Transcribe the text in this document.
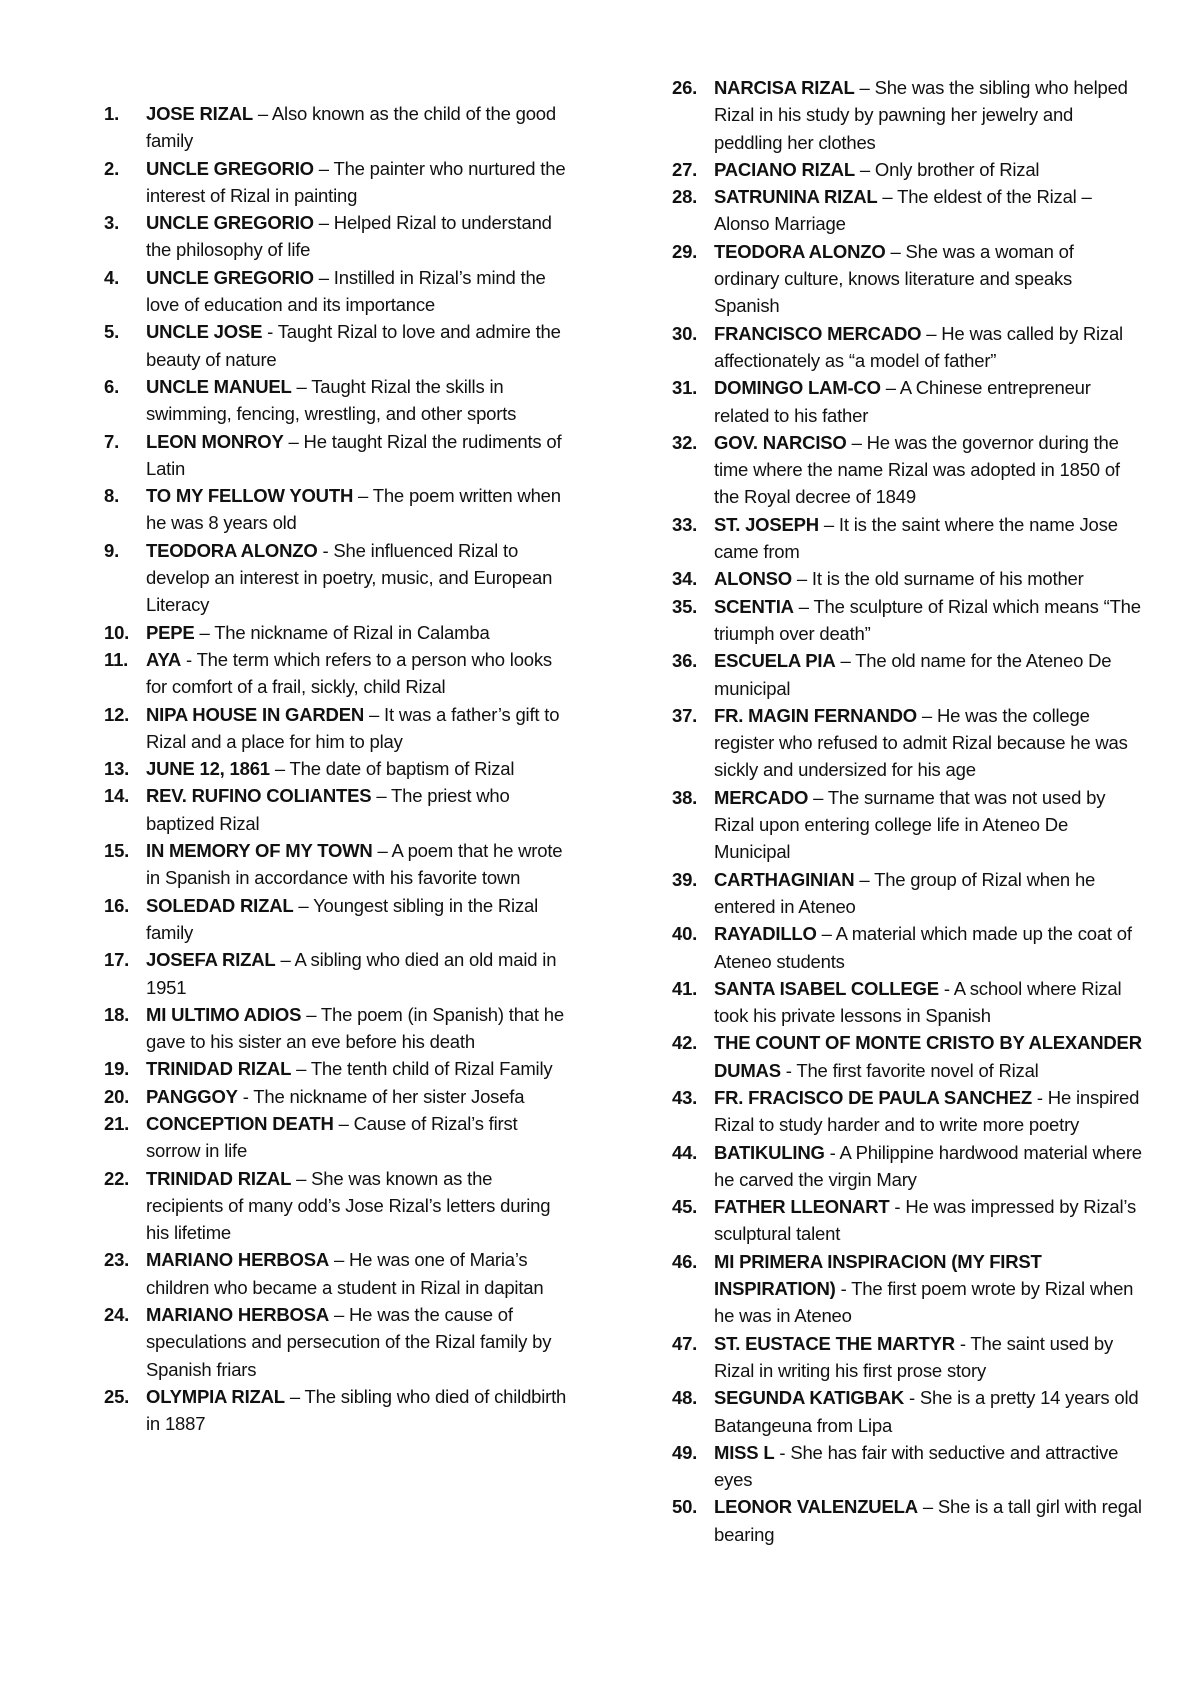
1.	JOSE RIZAL – Also known as the child of the good family
2.	UNCLE GREGORIO – The painter who nurtured the interest of Rizal in painting
3.	UNCLE GREGORIO – Helped Rizal to understand the philosophy of life
4.	UNCLE GREGORIO – Instilled in Rizal’s mind the love of education and its importance
5.	UNCLE JOSE - Taught Rizal to love and admire the beauty of nature
6.	UNCLE MANUEL – Taught Rizal the skills in swimming, fencing, wrestling, and other sports
7.	LEON MONROY – He taught Rizal the rudiments of Latin
8.	TO MY FELLOW YOUTH – The poem written when he was 8 years old
9.	TEODORA ALONZO - She influenced Rizal to develop an interest in poetry, music, and European Literacy
10. PEPE – The nickname of Rizal in Calamba
11. AYA - The term which refers to a person who looks for comfort of a frail, sickly, child Rizal
12. NIPA HOUSE IN GARDEN – It was a father’s gift to Rizal and a place for him to play
13. JUNE 12, 1861 – The date of baptism of Rizal
14. REV. RUFINO COLIANTES – The priest who baptized Rizal
15. IN MEMORY OF MY TOWN – A poem that he wrote in Spanish in accordance with his favorite town
16. SOLEDAD RIZAL – Youngest sibling in the Rizal family
17. JOSEFA RIZAL – A sibling who died an old maid in 1951
18. MI ULTIMO ADIOS – The poem (in Spanish) that he gave to his sister an eve before his death
19. TRINIDAD RIZAL – The tenth child of Rizal Family
20. PANGGOY - The nickname of her sister Josefa
21. CONCEPTION DEATH – Cause of Rizal’s first sorrow in life
22. TRINIDAD RIZAL – She was known as the recipients of many odd’s Jose Rizal’s letters during his lifetime
23. MARIANO HERBOSA – He was one of Maria’s children who became a student in Rizal in dapitan
24. MARIANO HERBOSA – He was the cause of speculations and persecution of the Rizal family by Spanish friars
25. OLYMPIA RIZAL – The sibling who died of childbirth in 1887
26. NARCISA RIZAL – She was the sibling who helped Rizal in his study by pawning her jewelry and peddling her clothes
27. PACIANO RIZAL – Only brother of Rizal
28. SATRUNINA RIZAL – The eldest of the Rizal – Alonso Marriage
29. TEODORA ALONZO – She was a woman of ordinary culture, knows literature and speaks Spanish
30. FRANCISCO MERCADO – He was called by Rizal affectionately as “a model of father”
31. DOMINGO LAM-CO – A Chinese entrepreneur related to his father
32. GOV. NARCISO – He was the governor during the time where the name Rizal was adopted in 1850 of the Royal decree of 1849
33. ST. JOSEPH – It is the saint where the name Jose came from
34. ALONSO – It is the old surname of his mother
35. SCENTIA – The sculpture of Rizal which means “The triumph over death”
36. ESCUELA PIA – The old name for the Ateneo De municipal
37. FR. MAGIN FERNANDO – He was the college register who refused to admit Rizal because he was sickly and undersized for his age
38. MERCADO – The surname that was not used by Rizal upon entering college life in Ateneo De Municipal
39. CARTHAGINIAN – The group of Rizal when he entered in Ateneo
40. RAYADILLO – A material which made up the coat of Ateneo students
41. SANTA ISABEL COLLEGE - A school where Rizal took his private lessons in Spanish
42. THE COUNT OF MONTE CRISTO BY ALEXANDER DUMAS - The first favorite novel of Rizal
43. FR. FRACISCO DE PAULA SANCHEZ - He inspired Rizal to study harder and to write more poetry
44. BATIKULING - A Philippine hardwood material where he carved the virgin Mary
45. FATHER LLEONART - He was impressed by Rizal’s sculptural talent
46. MI PRIMERA INSPIRACION (MY FIRST INSPIRATION) - The first poem wrote by Rizal when he was in Ateneo
47. ST. EUSTACE THE MARTYR - The saint used by Rizal in writing his first prose story
48. SEGUNDA KATIGBAK - She is a pretty 14 years old Batangeuna from Lipa
49. MISS L - She has fair with seductive and attractive eyes
50. LEONOR VALENZUELA – She is a tall girl with regal bearing
